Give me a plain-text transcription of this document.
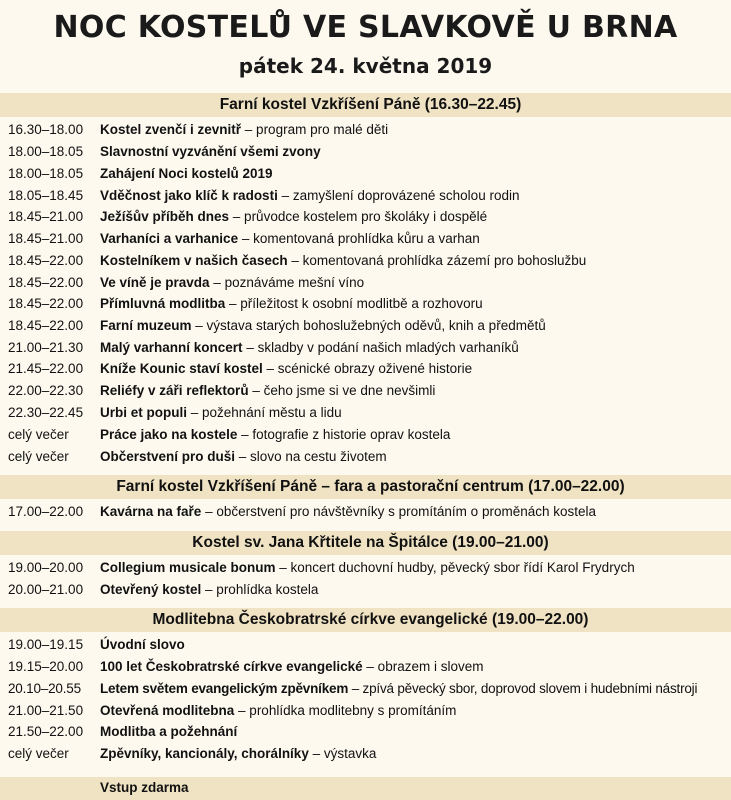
NOC KOSTELŮ VE SLAVKOVĚ U BRNA
pátek 24. května 2019
Farní kostel Vzkříšení Páně (16.30–22.45)
16.30–18.00 Kostel zvenčí i zevnitř – program pro malé děti
18.00–18.05 Slavnostní vyzvánění všemi zvony
18.00–18.05 Zahájení Noci kostelů 2019
18.05–18.45 Vděčnost jako klíč k radosti – zamyšlení doprovázené scholou rodin
18.45–21.00 Ježíšův příběh dnes – průvodce kostelem pro školáky i dospělé
18.45–21.00 Varhaníci a varhanice – komentovaná prohlídka kůru a varhan
18.45–22.00 Kostelníkem v našich časech – komentovaná prohlídka zázemí pro bohoslužbu
18.45–22.00 Ve víně je pravda – poznáváme mešní víno
18.45–22.00 Přímluvná modlitba – příležitost k osobní modlitbě a rozhovoru
18.45–22.00 Farní muzeum – výstava starých bohoslužebných oděvů, knih a předmětů
21.00–21.30 Malý varhanní koncert – skladby v podání našich mladých varhaníků
21.45–22.00 Kníže Kounic staví kostel – scénické obrazy oživené historie
22.00–22.30 Reliéfy v záři reflektorů – čeho jsme si ve dne nevšimli
22.30–22.45 Urbi et populi – požehnání městu a lidu
celý večer Práce jako na kostele – fotografie z historie oprav kostela
celý večer Občerstvení pro duši – slovo na cestu životem
Farní kostel Vzkříšení Páně – fara a pastorační centrum (17.00–22.00)
17.00–22.00 Kavárna na faře – občerstvení pro návštěvníky s promítáním o proměnách kostela
Kostel sv. Jana Křtitele na Špitálce (19.00–21.00)
19.00–20.00 Collegium musicale bonum – koncert duchovní hudby, pěvecký sbor řídí Karol Frydrych
20.00–21.00 Otevřený kostel – prohlídka kostela
Modlitebna Českobratrské církve evangelické (19.00–22.00)
19.00–19.15 Úvodní slovo
19.15–20.00 100 let Českobratrské církve evangelické – obrazem i slovem
20.10–20.55 Letem světem evangelickým zpěvníkem – zpívá pěvecký sbor, doprovod slovem i hudebními nástroji
21.00–21.50 Otevřená modlitebna – prohlídka modlitebny s promítáním
21.50–22.00 Modlitba a požehnání
celý večer Zpěvníky, kancionály, chorálníky – výstavka
Vstup zdarma
